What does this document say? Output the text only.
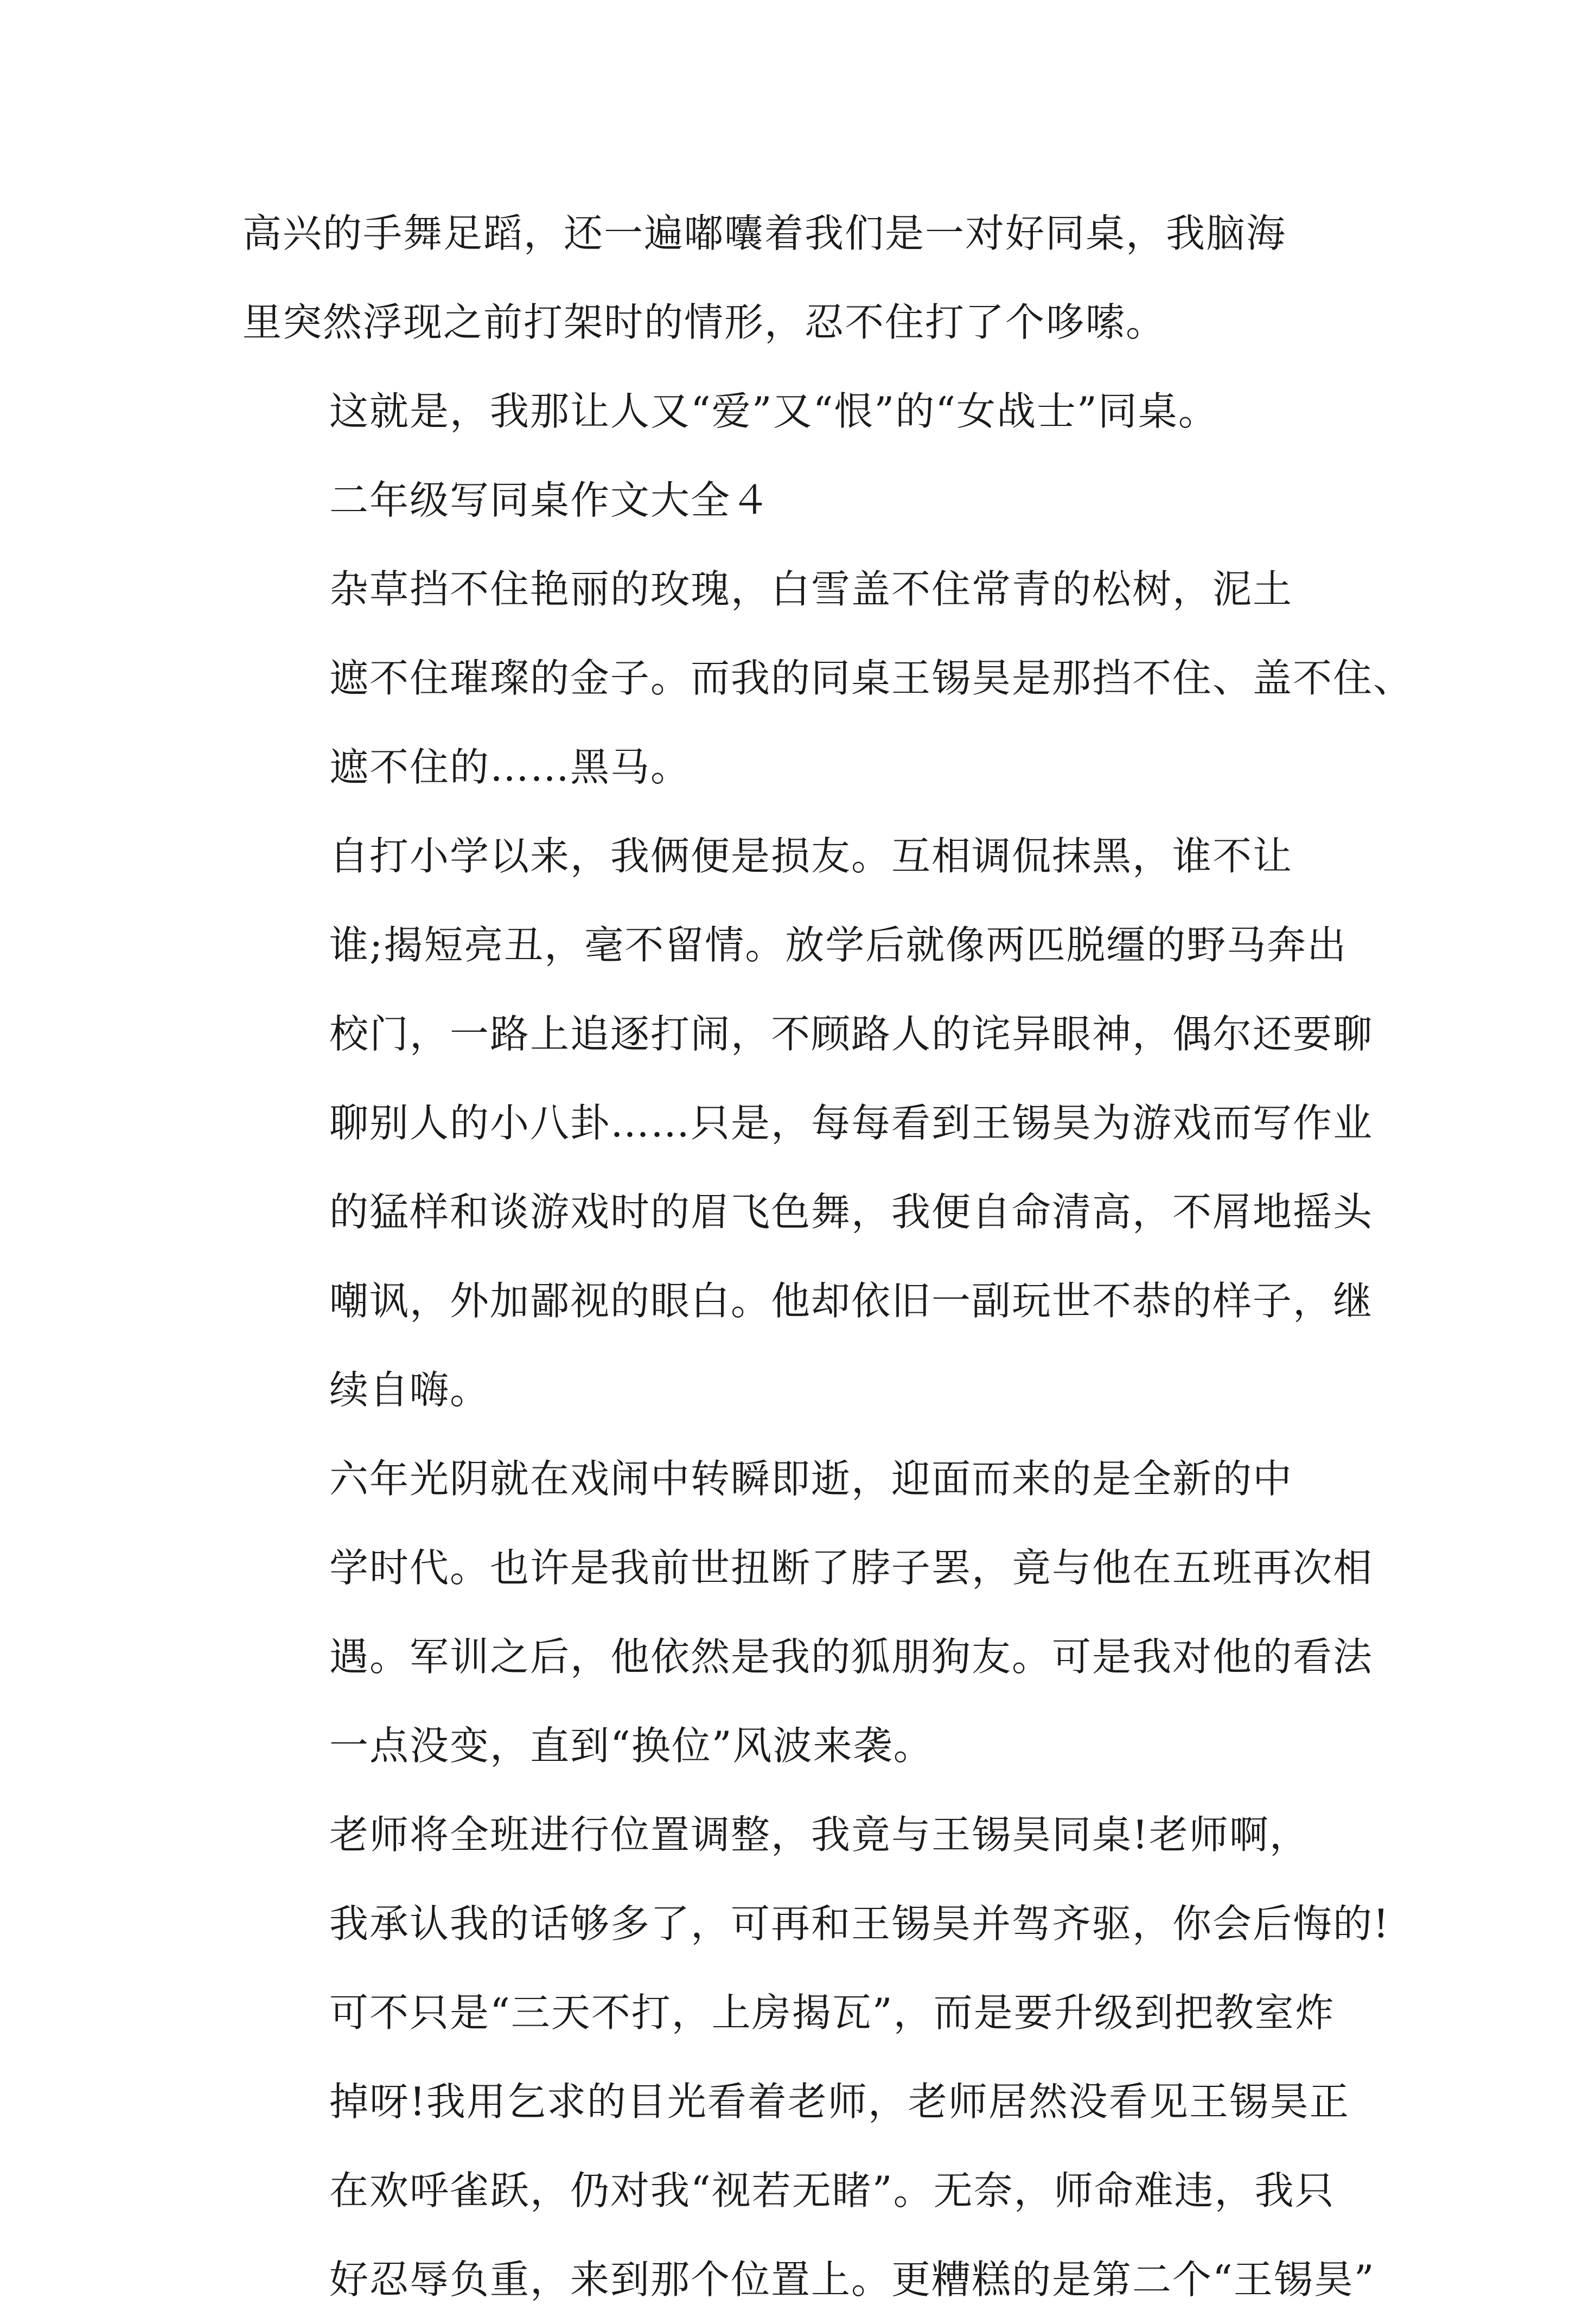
高兴的手舞足蹈，还一遍嘟囔着我们是一对好同桌，我脑海
里突然浮现之前打架时的情形，忍不住打了个哆嗦。

这就是，我那让人又“爱”又“恨”的“女战士”同桌。

二年级写同桌作文大全４

杂草挡不住艳丽的玫瑰，白雪盖不住常青的松树，泥土
遮不住璀璨的金子。而我的同桌王锡昊是那挡不住、盖不住、
遮不住的……黑马。

自打小学以来，我俩便是损友。互相调侃抹黑，谁不让
谁;揭短亮丑，毫不留情。放学后就像两匹脱缰的野马奔出
校门，一路上追逐打闹，不顾路人的诧异眼神，偶尔还要聊
聊别人的小八卦……只是，每每看到王锡昊为游戏而写作业
的猛样和谈游戏时的眉飞色舞，我便自命清高，不屑地摇头
嘲讽，外加鄙视的眼白。他却依旧一副玩世不恭的样子，继
续自嗨。

六年光阴就在戏闹中转瞬即逝，迎面而来的是全新的中
学时代。也许是我前世扭断了脖子罢，竟与他在五班再次相
遇。军训之后，他依然是我的狐朋狗友。可是我对他的看法
一点没变，直到“换位”风波来袭。

老师将全班进行位置调整，我竟与王锡昊同桌!老师啊，
我承认我的话够多了，可再和王锡昊并驾齐驱，你会后悔的!
可不只是“三天不打，上房揭瓦”，而是要升级到把教室炸
掉呀!我用乞求的目光看着老师，老师居然没看见王锡昊正
在欢呼雀跃，仍对我“视若无睹”。无奈，师命难违，我只
好忍辱负重，来到那个位置上。更糟糕的是第二个“王锡昊”
